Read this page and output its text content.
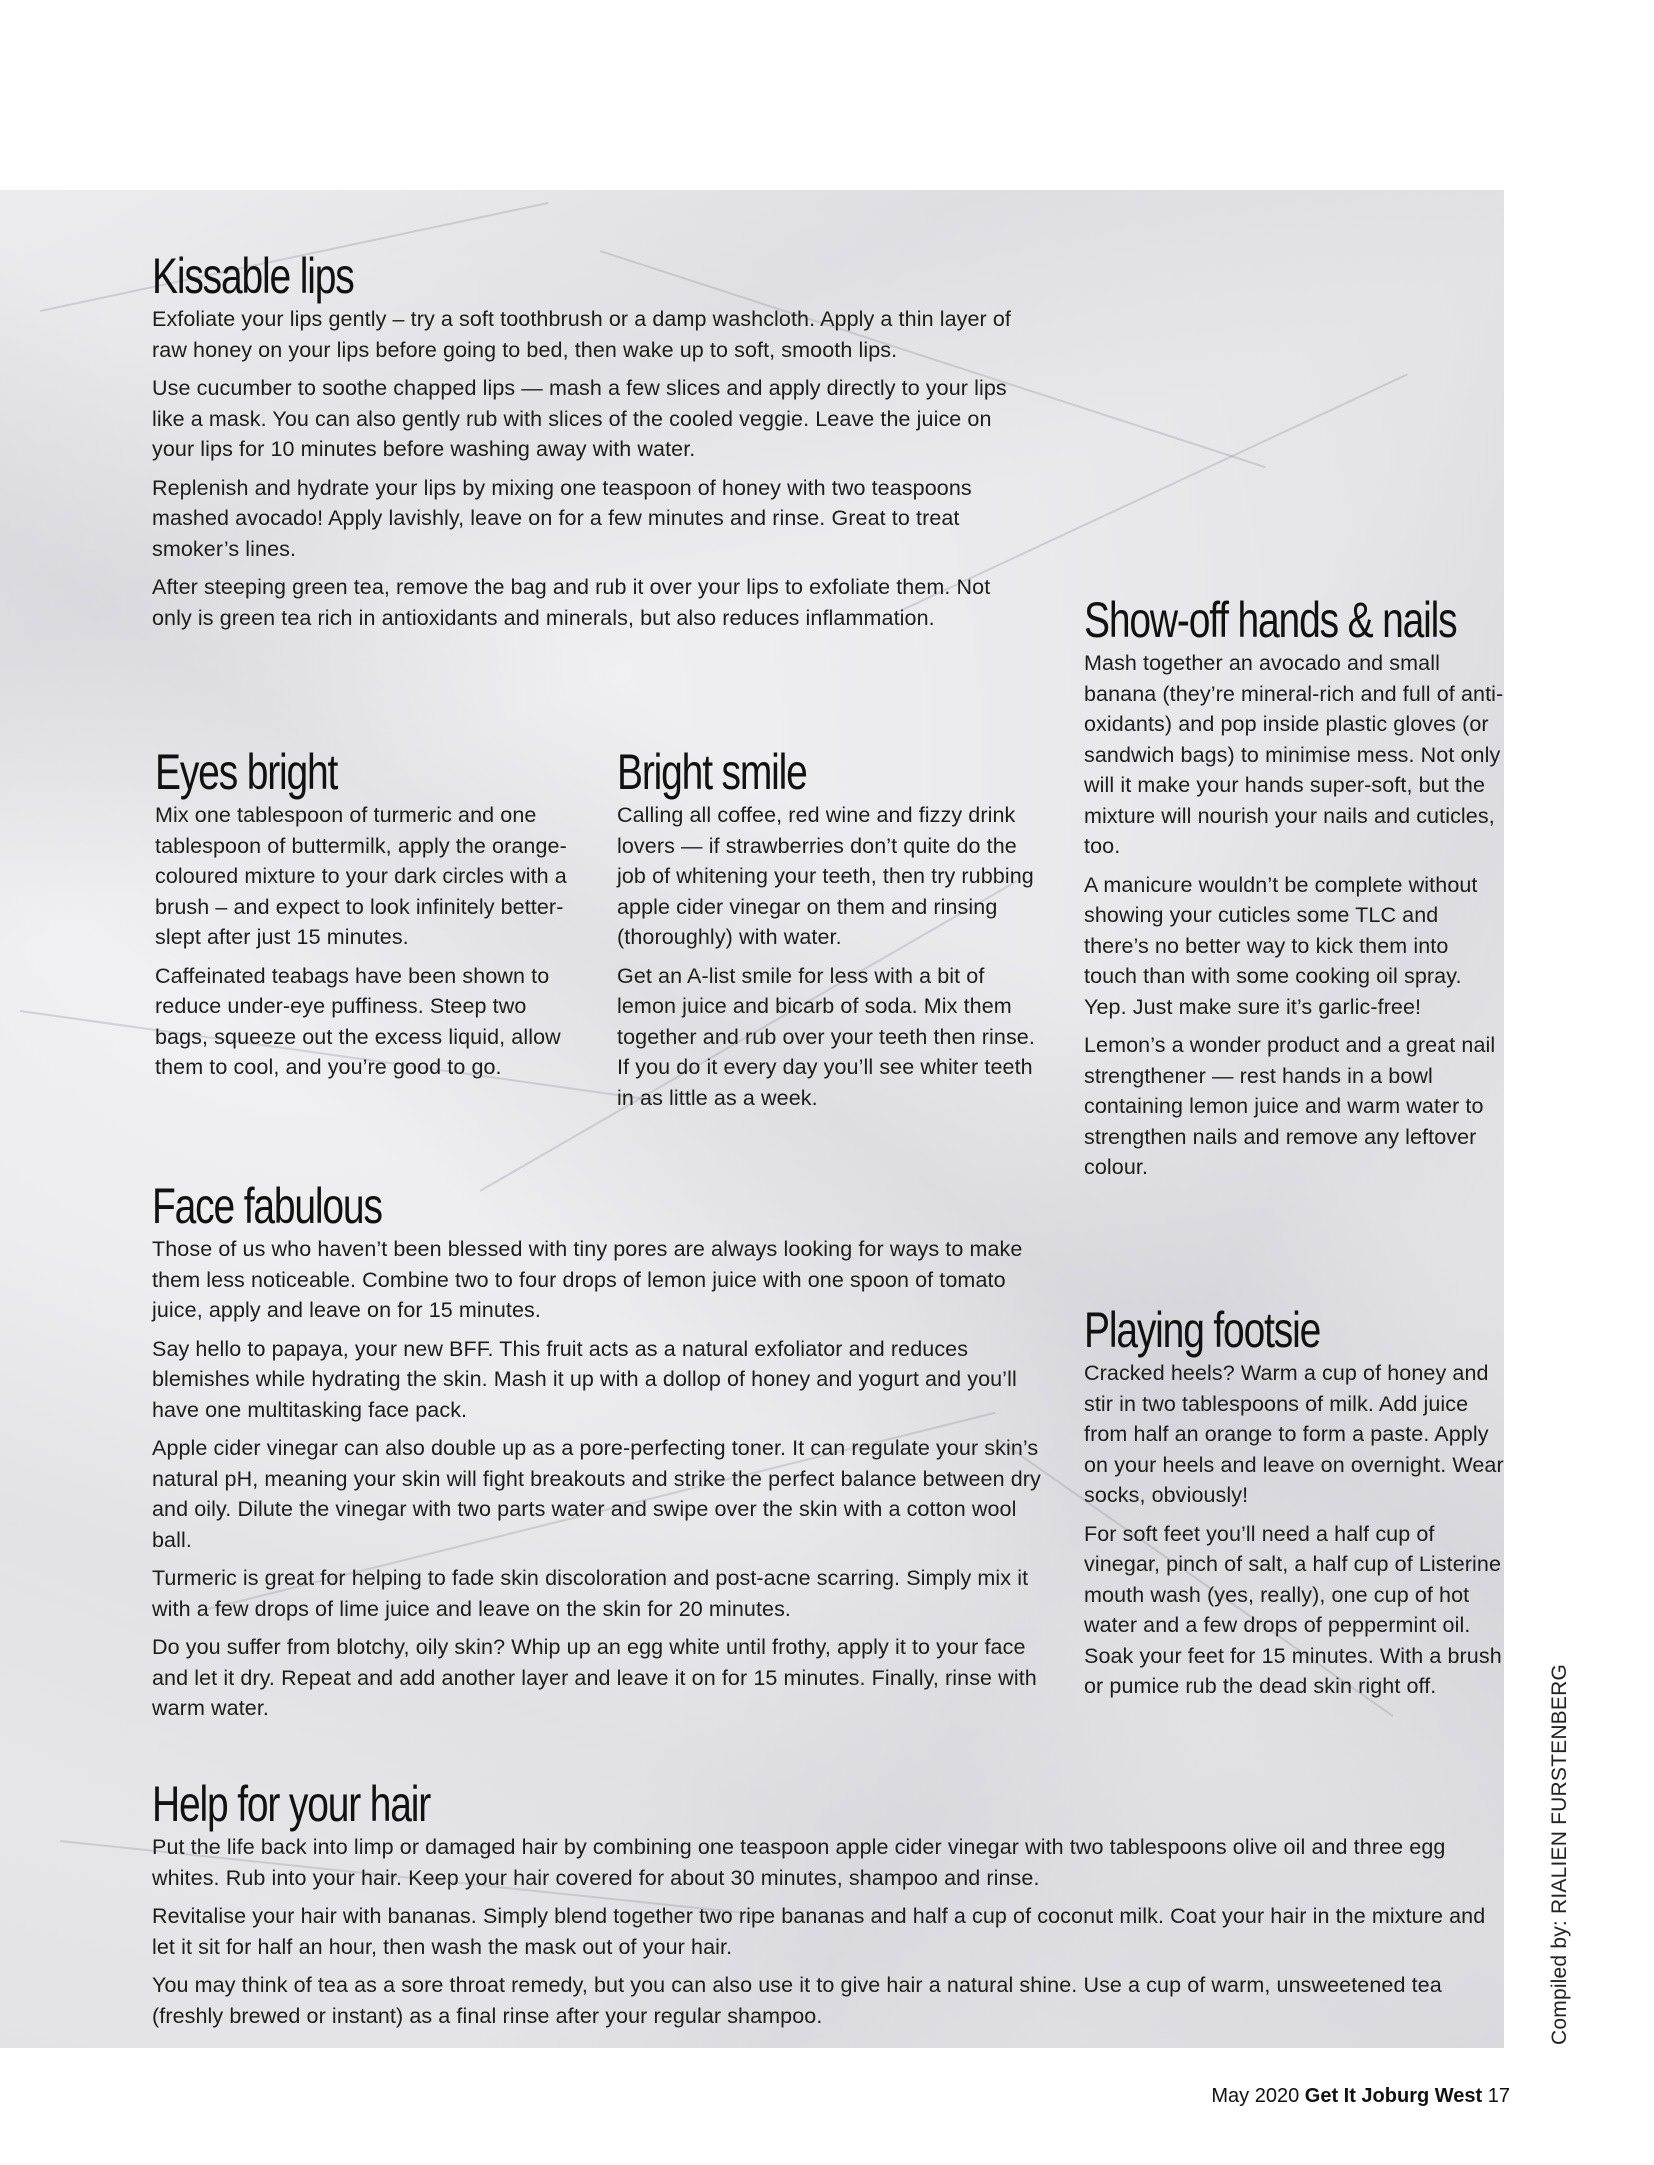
Kissable lips

Exfoliate your lips gently – try a soft toothbrush or a damp washcloth. Apply a thin layer of raw honey on your lips before going to bed, then wake up to soft, smooth lips.

Use cucumber to soothe chapped lips — mash a few slices and apply directly to your lips like a mask. You can also gently rub with slices of the cooled veggie. Leave the juice on your lips for 10 minutes before washing away with water.

Replenish and hydrate your lips by mixing one teaspoon of honey with two teaspoons mashed avocado! Apply lavishly, leave on for a few minutes and rinse. Great to treat smoker’s lines.

After steeping green tea, remove the bag and rub it over your lips to exfoliate them. Not only is green tea rich in antioxidants and minerals, but also reduces inflammation.

Eyes bright

Mix one tablespoon of turmeric and one tablespoon of buttermilk, apply the orange-coloured mixture to your dark circles with a brush – and expect to look infinitely better-slept after just 15 minutes.

Caffeinated teabags have been shown to reduce under-eye puffiness. Steep two bags, squeeze out the excess liquid, allow them to cool, and you’re good to go.

Bright smile

Calling all coffee, red wine and fizzy drink lovers — if strawberries don’t quite do the job of whitening your teeth, then try rubbing apple cider vinegar on them and rinsing (thoroughly) with water.

Get an A-list smile for less with a bit of lemon juice and bicarb of soda. Mix them together and rub over your teeth then rinse. If you do it every day you’ll see whiter teeth in as little as a week.

Face fabulous

Those of us who haven’t been blessed with tiny pores are always looking for ways to make them less noticeable. Combine two to four drops of lemon juice with one spoon of tomato juice, apply and leave on for 15 minutes.

Say hello to papaya, your new BFF. This fruit acts as a natural exfoliator and reduces blemishes while hydrating the skin. Mash it up with a dollop of honey and yogurt and you’ll have one multitasking face pack.

Apple cider vinegar can also double up as a pore-perfecting toner. It can regulate your skin’s natural pH, meaning your skin will fight breakouts and strike the perfect balance between dry and oily. Dilute the vinegar with two parts water and swipe over the skin with a cotton wool ball.

Turmeric is great for helping to fade skin discoloration and post-acne scarring. Simply mix it with a few drops of lime juice and leave on the skin for 20 minutes.

Do you suffer from blotchy, oily skin? Whip up an egg white until frothy, apply it to your face and let it dry. Repeat and add another layer and leave it on for 15 minutes. Finally, rinse with warm water.

Show-off hands & nails

Mash together an avocado and small banana (they’re mineral-rich and full of anti-oxidants) and pop inside plastic gloves (or sandwich bags) to minimise mess. Not only will it make your hands super-soft, but the mixture will nourish your nails and cuticles, too.

A manicure wouldn’t be complete without showing your cuticles some TLC and there’s no better way to kick them into touch than with some cooking oil spray. Yep. Just make sure it’s garlic-free!

Lemon’s a wonder product and a great nail strengthener — rest hands in a bowl containing lemon juice and warm water to strengthen nails and remove any leftover colour.

Playing footsie

Cracked heels? Warm a cup of honey and stir in two tablespoons of milk. Add juice from half an orange to form a paste. Apply on your heels and leave on overnight. Wear socks, obviously!

For soft feet you’ll need a half cup of vinegar, pinch of salt, a half cup of Listerine mouth wash (yes, really), one cup of hot water and a few drops of peppermint oil. Soak your feet for 15 minutes. With a brush or pumice rub the dead skin right off.

Help for your hair

Put the life back into limp or damaged hair by combining one teaspoon apple cider vinegar with two tablespoons olive oil and three egg whites. Rub into your hair. Keep your hair covered for about 30 minutes, shampoo and rinse.

Revitalise your hair with bananas. Simply blend together two ripe bananas and half a cup of coconut milk. Coat your hair in the mixture and let it sit for half an hour, then wash the mask out of your hair.

You may think of tea as a sore throat remedy, but you can also use it to give hair a natural shine. Use a cup of warm, unsweetened tea (freshly brewed or instant) as a final rinse after your regular shampoo.	Compiled by: RIALIEN FURSTENBERG
May 2020 Get It Joburg West 17
